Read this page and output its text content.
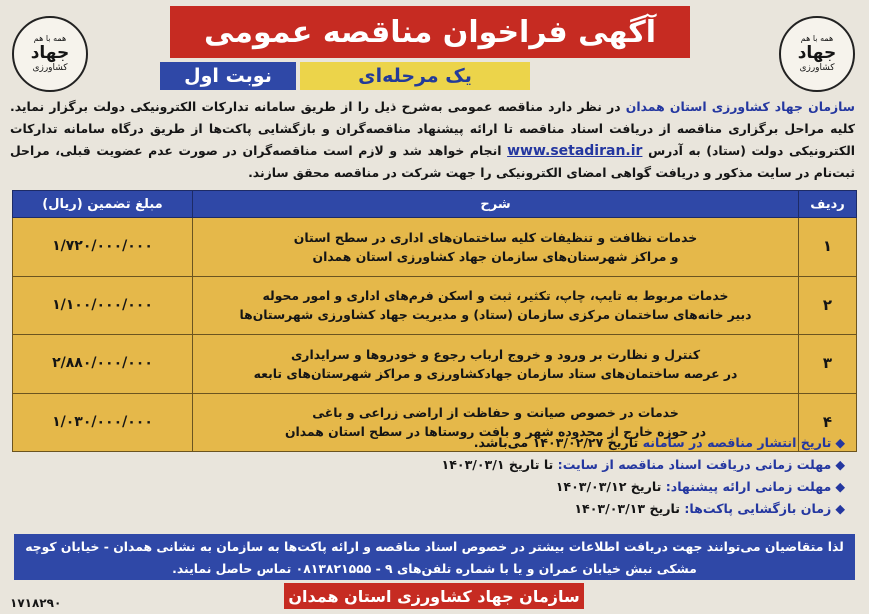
همه با هم
جهاد
کشاورزی
همه با هم
جهاد
کشاورزی
آگهی فراخوان مناقصه عمومی
یک مرحله‌ای
نوبت اول
سازمان جهاد کشاورزی استان همدان در نظر دارد مناقصه عمومی به‌شرح ذیل را از طریق سامانه تدارکات الکترونیکی دولت برگزار نماید. کلیه مراحل برگزاری مناقصه از دریافت اسناد مناقصه تا ارائه پیشنهاد مناقصه‌گران و بازگشایی پاکت‌ها از طریق درگاه سامانه تدارکات الکترونیکی دولت (ستاد) به آدرس www.setadiran.ir انجام خواهد شد و لازم است مناقصه‌گران در صورت عدم عضویت قبلی، مراحل ثبت‌نام در سایت مذکور و دریافت گواهی امضای الکترونیکی را جهت شرکت در مناقصه محقق سازند.
ردیف	شرح	مبلغ تضمین (ریال)
۱	خدمات نظافت و تنظیفات کلیه ساختمان‌های اداری در سطح استان
و مراکز شهرستان‌های سازمان جهاد کشاورزی استان همدان	۱/۷۲۰/۰۰۰/۰۰۰
۲	خدمات مربوط به تایپ، چاپ، تکثیر، ثبت و اسکن فرم‌های اداری و امور محوله
دبیر خانه‌های ساختمان مرکزی سازمان (ستاد) و مدیریت جهاد کشاورزی شهرستان‌ها	۱/۱۰۰/۰۰۰/۰۰۰
۳	کنترل و نظارت بر ورود و خروج ارباب رجوع و خودروها و سرایداری
در عرصه ساختمان‌های ستاد سازمان جهادکشاورزی و مراکز شهرستان‌های تابعه	۲/۸۸۰/۰۰۰/۰۰۰
۴	خدمات در خصوص صیانت و حفاظت از اراضی زراعی و باغی
در حوزه خارج از محدوده شهر و بافت روستاها در سطح استان همدان	۱/۰۳۰/۰۰۰/۰۰۰
◆تاریخ انتشار مناقصه در سامانه تاریخ ۱۴۰۳/۰۲/۲۷ می‌باشد.
◆مهلت زمانی دریافت اسناد مناقصه از سایت: تا تاریخ ۱۴۰۳/۰۳/۱
◆مهلت زمانی ارائه پیشنهاد: تاریخ ۱۴۰۳/۰۳/۱۲
◆زمان بازگشایی پاکت‌ها: تاریخ ۱۴۰۳/۰۳/۱۳
لذا متقاضیان می‌توانند جهت دریافت اطلاعات بیشتر در خصوص اسناد مناقصه و ارائه پاکت‌ها به سازمان به نشانی همدان - خیابان کوچه مشکی نبش خیابان عمران و یا با شماره تلفن‌های ۹ - ۰۸۱۳۸۲۱۵۵۵ تماس حاصل نمایند.
سازمان جهاد کشاورزی استان همدان
۱۷۱۸۲۹۰
